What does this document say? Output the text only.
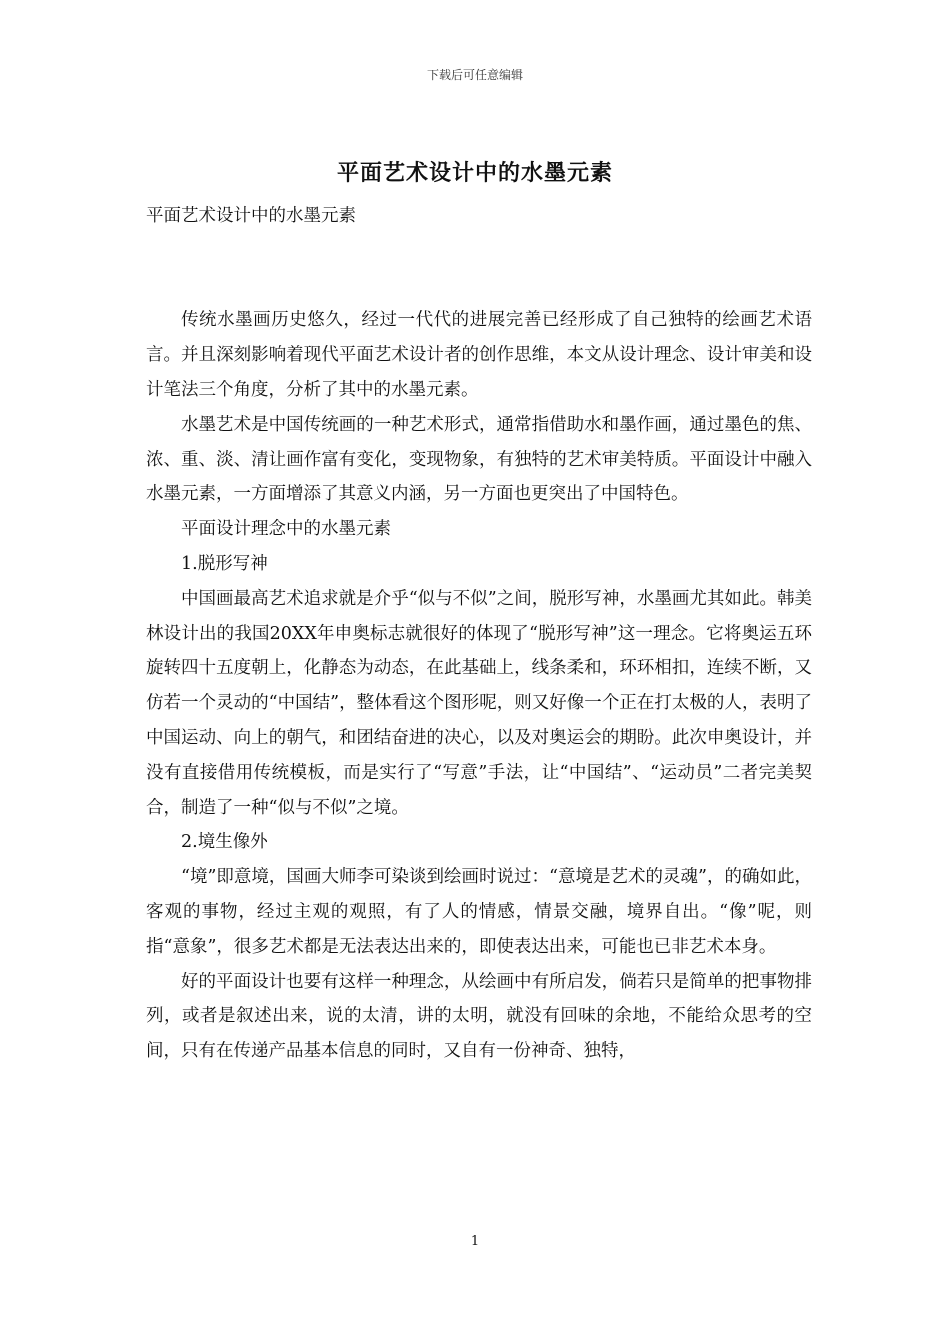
下载后可任意编辑
平面艺术设计中的水墨元素

平面艺术设计中的水墨元素

传统水墨画历史悠久，经过一代代的进展完善已经形成了自己独特的绘画艺术语言。并且深刻影响着现代平面艺术设计者的创作思维，本文从设计理念、设计审美和设计笔法三个角度，分析了其中的水墨元素。

水墨艺术是中国传统画的一种艺术形式，通常指借助水和墨作画，通过墨色的焦、浓、重、淡、清让画作富有变化，变现物象，有独特的艺术审美特质。平面设计中融入水墨元素，一方面增添了其意义内涵，另一方面也更突出了中国特色。

平面设计理念中的水墨元素

1.脱形写神

中国画最高艺术追求就是介乎“似与不似”之间，脱形写神，水墨画尤其如此。韩美林设计出的我国20XX年申奥标志就很好的体现了“脱形写神”这一理念。它将奥运五环旋转四十五度朝上，化静态为动态，在此基础上，线条柔和，环环相扣，连续不断，又仿若一个灵动的“中国结”，整体看这个图形呢，则又好像一个正在打太极的人，表明了中国运动、向上的朝气，和团结奋进的决心，以及对奥运会的期盼。此次申奥设计，并没有直接借用传统模板，而是实行了“写意”手法，让“中国结”、“运动员”二者完美契合，制造了一种“似与不似”之境。

2.境生像外

“境”即意境，国画大师李可染谈到绘画时说过：“意境是艺术的灵魂”，的确如此，客观的事物，经过主观的观照，有了人的情感，情景交融，境界自出。“像”呢，则指“意象”，很多艺术都是无法表达出来的，即使表达出来，可能也已非艺术本身。

好的平面设计也要有这样一种理念，从绘画中有所启发，倘若只是简单的把事物排列，或者是叙述出来，说的太清，讲的太明，就没有回味的余地，不能给众思考的空间，只有在传递产品基本信息的同时，又自有一份神奇、独特，

1
